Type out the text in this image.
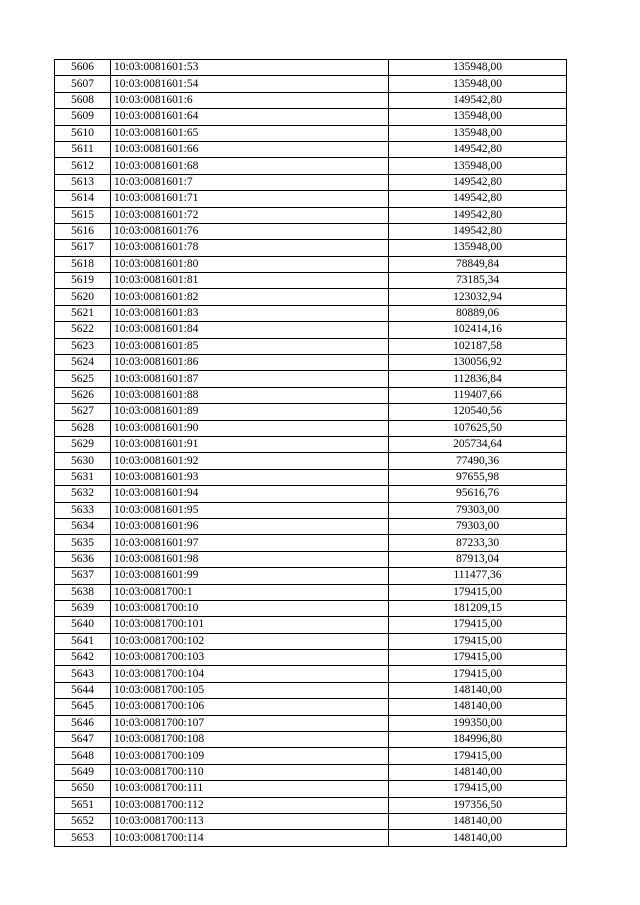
5606	10:03:0081601:53	135948,00
5607	10:03:0081601:54	135948,00
5608	10:03:0081601:6	149542,80
5609	10:03:0081601:64	135948,00
5610	10:03:0081601:65	135948,00
5611	10:03:0081601:66	149542,80
5612	10:03:0081601:68	135948,00
5613	10:03:0081601:7	149542,80
5614	10:03:0081601:71	149542,80
5615	10:03:0081601:72	149542,80
5616	10:03:0081601:76	149542,80
5617	10:03:0081601:78	135948,00
5618	10:03:0081601:80	78849,84
5619	10:03:0081601:81	73185,34
5620	10:03:0081601:82	123032,94
5621	10:03:0081601:83	80889,06
5622	10:03:0081601:84	102414,16
5623	10:03:0081601:85	102187,58
5624	10:03:0081601:86	130056,92
5625	10:03:0081601:87	112836,84
5626	10:03:0081601:88	119407,66
5627	10:03:0081601:89	120540,56
5628	10:03:0081601:90	107625,50
5629	10:03:0081601:91	205734,64
5630	10:03:0081601:92	77490,36
5631	10:03:0081601:93	97655,98
5632	10:03:0081601:94	95616,76
5633	10:03:0081601:95	79303,00
5634	10:03:0081601:96	79303,00
5635	10:03:0081601:97	87233,30
5636	10:03:0081601:98	87913,04
5637	10:03:0081601:99	111477,36
5638	10:03:0081700:1	179415,00
5639	10:03:0081700:10	181209,15
5640	10:03:0081700:101	179415,00
5641	10:03:0081700:102	179415,00
5642	10:03:0081700:103	179415,00
5643	10:03:0081700:104	179415,00
5644	10:03:0081700:105	148140,00
5645	10:03:0081700:106	148140,00
5646	10:03:0081700:107	199350,00
5647	10:03:0081700:108	184996,80
5648	10:03:0081700:109	179415,00
5649	10:03:0081700:110	148140,00
5650	10:03:0081700:111	179415,00
5651	10:03:0081700:112	197356,50
5652	10:03:0081700:113	148140,00
5653	10:03:0081700:114	148140,00
